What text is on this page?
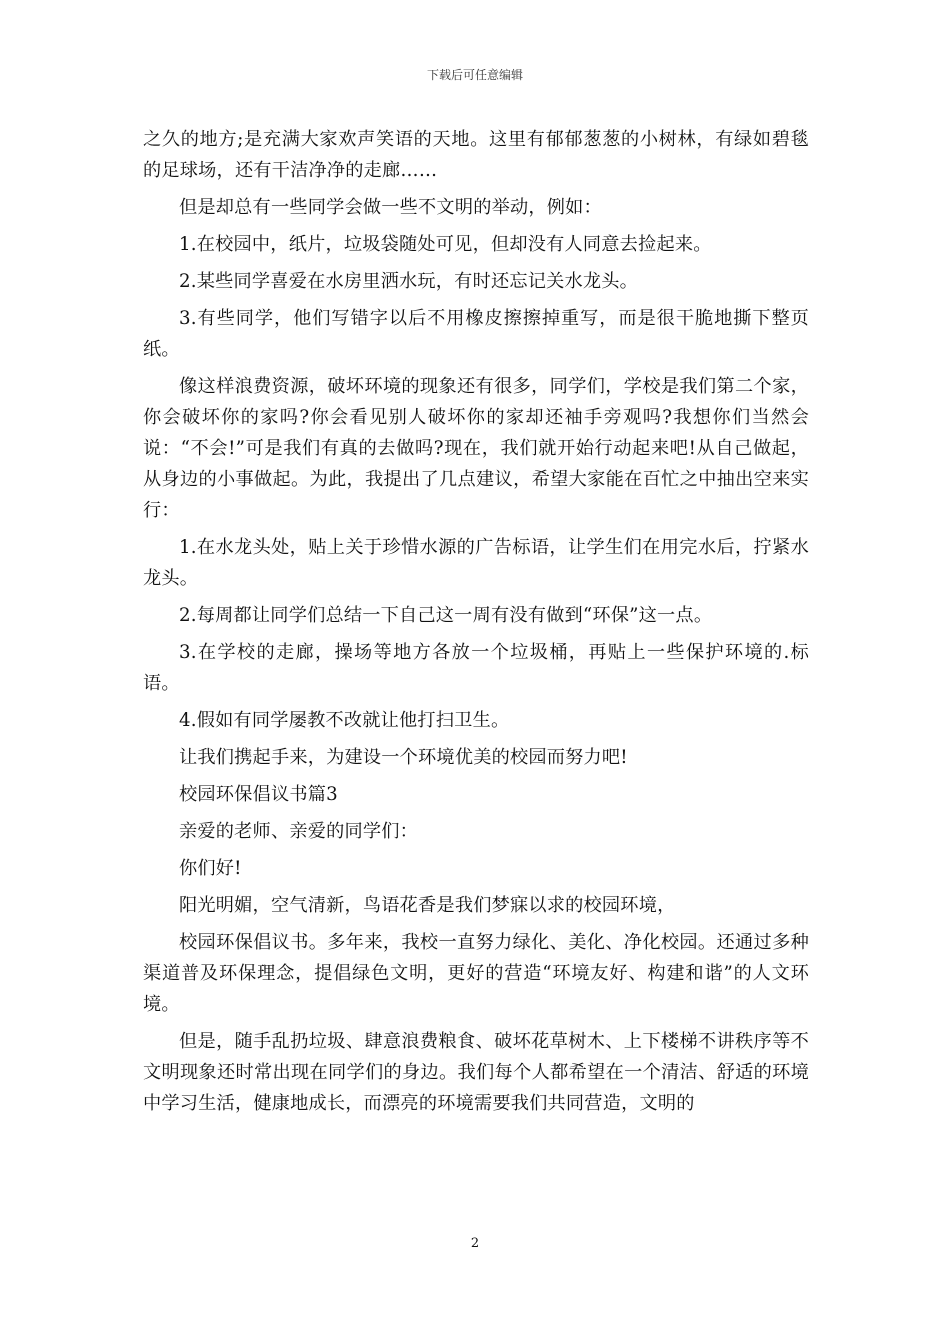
下载后可任意编辑

之久的地方;是充满大家欢声笑语的天地。这里有郁郁葱葱的小树林，有绿如碧毯的足球场，还有干洁净净的走廊……

但是却总有一些同学会做一些不文明的举动，例如：

1.在校园中，纸片，垃圾袋随处可见，但却没有人同意去捡起来。

2.某些同学喜爱在水房里洒水玩，有时还忘记关水龙头。

3.有些同学，他们写错字以后不用橡皮擦擦掉重写，而是很干脆地撕下整页纸。

像这样浪费资源，破坏环境的现象还有很多，同学们，学校是我们第二个家，你会破坏你的家吗?你会看见别人破坏你的家却还袖手旁观吗?我想你们当然会说：“不会!”可是我们有真的去做吗?现在，我们就开始行动起来吧!从自己做起，从身边的小事做起。为此，我提出了几点建议，希望大家能在百忙之中抽出空来实行：

1.在水龙头处，贴上关于珍惜水源的广告标语，让学生们在用完水后，拧紧水龙头。

2.每周都让同学们总结一下自己这一周有没有做到“环保”这一点。

3.在学校的走廊，操场等地方各放一个垃圾桶，再贴上一些保护环境的.标语。

4.假如有同学屡教不改就让他打扫卫生。

让我们携起手来，为建设一个环境优美的校园而努力吧!

校园环保倡议书篇3

亲爱的老师、亲爱的同学们：

你们好!

阳光明媚，空气清新，鸟语花香是我们梦寐以求的校园环境，

校园环保倡议书。多年来，我校一直努力绿化、美化、净化校园。还通过多种渠道普及环保理念，提倡绿色文明，更好的营造“环境友好、构建和谐”的人文环境。

但是，随手乱扔垃圾、肆意浪费粮食、破坏花草树木、上下楼梯不讲秩序等不文明现象还时常出现在同学们的身边。我们每个人都希望在一个清洁、舒适的环境中学习生活，健康地成长，而漂亮的环境需要我们共同营造，文明的

2
